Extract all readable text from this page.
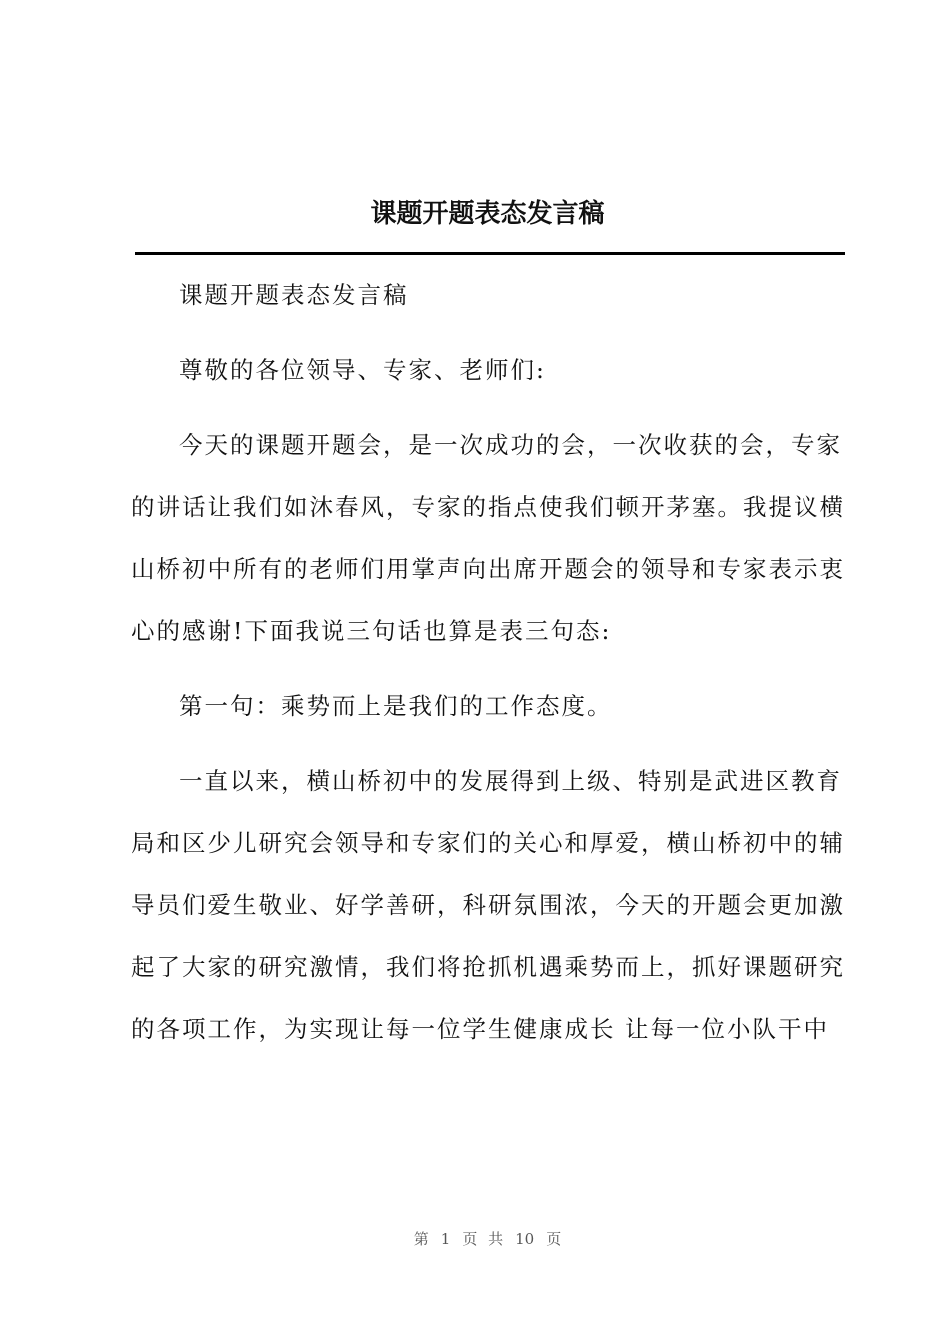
课题开题表态发言稿
课题开题表态发言稿
尊敬的各位领导、专家、老师们:
今天的课题开题会，是一次成功的会，一次收获的会，专家
的讲话让我们如沐春风，专家的指点使我们顿开茅塞。我提议横
山桥初中所有的老师们用掌声向出席开题会的领导和专家表示衷
心的感谢!下面我说三句话也算是表三句态:
第一句：乘势而上是我们的工作态度。
一直以来，横山桥初中的发展得到上级、特别是武进区教育
局和区少儿研究会领导和专家们的关心和厚爱，横山桥初中的辅
导员们爱生敬业、好学善研，科研氛围浓，今天的开题会更加激
起了大家的研究激情，我们将抢抓机遇乘势而上，抓好课题研究
的各项工作，为实现让每一位学生健康成长 让每一位小队干中
第 1 页 共 10 页
